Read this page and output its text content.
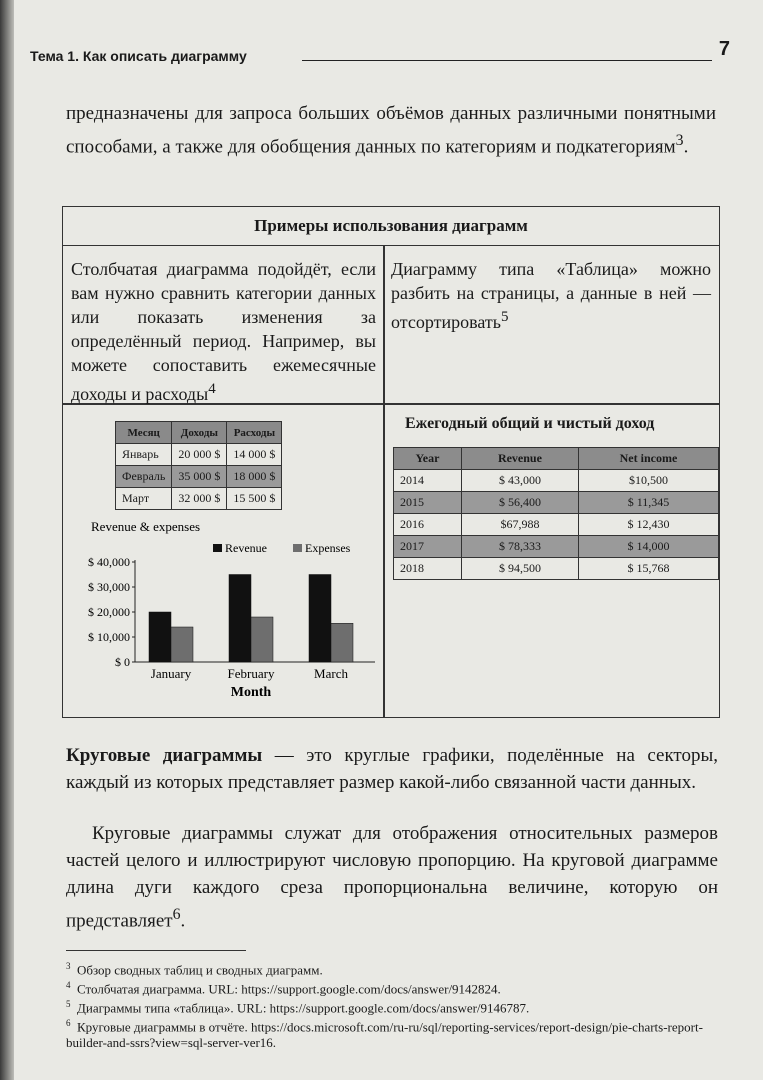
Тема 1. Как описать диаграмму	7
предназначены для запроса больших объёмов данных различными понятными способами, а также для обобщения данных по категориям и подкатегориям$^3$.
Примеры использования диаграмм
Столбчатая диаграмма подойдёт, если вам нужно сравнить категории данных или показать изменения за определённый период. Например, вы можете сопоставить ежемесячные доходы и расходы$^4$
Диаграмму типа «Таблица» можно разбить на страницы, а данные в ней — отсортировать$^5$
Месяц	Доходы	Расходы
Январь	20 000 $	14 000 $
Февраль	35 000 $	18 000 $
Март	32 000 $	15 500 $
Ежегодный общий и чистый доход
Year	Revenue	Net income
2014	$ 43,000	$10,500
2015	$ 56,400	$ 11,345
2016	$67,988	$ 12,430
2017	$ 78,333	$ 14,000
2018	$ 94,500	$ 15,768
Revenue & expenses
Revenue	Expenses
$ 0
$ 10,000
$ 20,000
$ 30,000
$ 40,000
January	February	March
Month
Круговые диаграммы — это круглые графики, поделённые на секторы, каждый из которых представляет размер какой-либо связанной части данных.
Круговые диаграммы служат для отображения относительных размеров частей целого и иллюстрируют числовую пропорцию. На круговой диаграмме длина дуги каждого среза пропорциональна величине, которую он представляет$^6$.
$^3$ Обзор сводных таблиц и сводных диаграмм.
$^4$ Столбчатая диаграмма. URL: https://support.google.com/docs/answer/9142824.
$^5$ Диаграммы типа «таблица». URL: https://support.google.com/docs/answer/9146787.
$^6$ Круговые диаграммы в отчёте. https://docs.microsoft.com/ru-ru/sql/reporting-services/report-design/pie-charts-report-builder-and-ssrs?view=sql-server-ver16.
